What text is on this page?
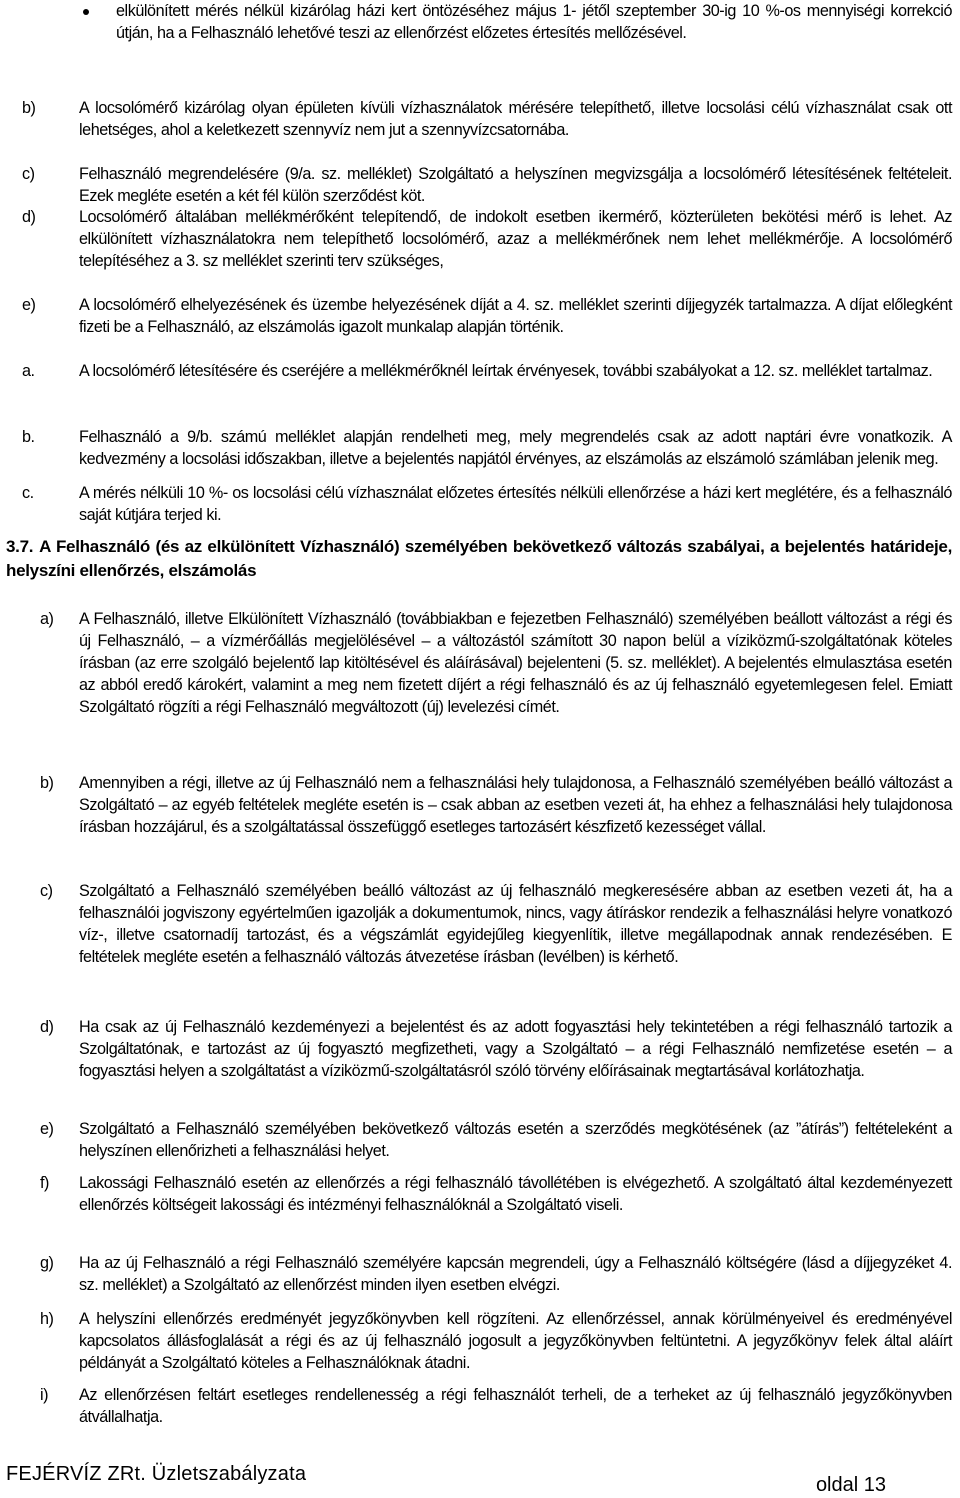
elkülönített mérés nélkül kizárólag házi kert öntözéséhez május 1- jétől szeptember 30-ig 10 %-os mennyiségi korrekció útján, ha a Felhasználó lehetővé teszi az ellenőrzést előzetes értesítés mellőzésével.
b)	A locsolómérő kizárólag olyan épületen kívüli vízhasználatok mérésére telepíthető, illetve locsolási célú vízhasználat csak ott lehetséges, ahol a keletkezett szennyvíz nem jut a szennyvízcsatornába.
c)	Felhasználó megrendelésére (9/a. sz. melléklet) Szolgáltató a helyszínen megvizsgálja a locsolómérő létesítésének feltételeit. Ezek megléte esetén a két fél külön szerződést köt.
d)	Locsolómérő általában mellékmérőként telepítendő, de indokolt esetben ikermérő, közterületen bekötési mérő is lehet. Az elkülönített vízhasználatokra nem telepíthető locsolómérő, azaz a mellékmérőnek nem lehet mellékmérője. A locsolómérő telepítéséhez a 3. sz melléklet szerinti terv szükséges,
e)	A locsolómérő elhelyezésének és üzembe helyezésének díját a 4. sz. melléklet szerinti díjjegyzék tartalmazza. A díjat előlegként fizeti be a Felhasználó, az elszámolás igazolt munkalap alapján történik.
a.	A locsolómérő létesítésére és cseréjére a mellékmérőknél leírtak érvényesek, további szabályokat a 12. sz. melléklet tartalmaz.
b.	Felhasználó a 9/b. számú melléklet alapján rendelheti meg, mely megrendelés csak az adott naptári évre vonatkozik. A kedvezmény a locsolási időszakban, illetve a bejelentés napjától érvényes, az elszámolás az elszámoló számlában jelenik meg.
c.	A mérés nélküli 10 %- os locsolási célú vízhasználat előzetes értesítés nélküli ellenőrzése a házi kert meglétére, és a felhasználó saját kútjára terjed ki.
3.7. A Felhasználó (és az elkülönített Vízhasználó) személyében bekövetkező változás szabályai, a bejelentés határideje, helyszíni ellenőrzés, elszámolás
a) A Felhasználó, illetve Elkülönített Vízhasználó (továbbiakban e fejezetben Felhasználó) személyében beállott változást a régi és új Felhasználó, – a vízmérőállás megjelölésével – a változástól számított 30 napon belül a víziközmű-szolgáltatónak köteles írásban (az erre szolgáló bejelentő lap kitöltésével és aláírásával) bejelenteni (5. sz. melléklet). A bejelentés elmulasztása esetén az abból eredő károkért, valamint a meg nem fizetett díjért a régi felhasználó és az új felhasználó egyetemlegesen felel. Emiatt Szolgáltató rögzíti a régi Felhasználó megváltozott (új) levelezési címét.
b) Amennyiben a régi, illetve az új Felhasználó nem a felhasználási hely tulajdonosa, a Felhasználó személyében beálló változást a Szolgáltató – az egyéb feltételek megléte esetén is – csak abban az esetben vezeti át, ha ehhez a felhasználási hely tulajdonosa írásban hozzájárul, és a szolgáltatással összefüggő esetleges tartozásért készfizető kezességet vállal.
c) Szolgáltató a Felhasználó személyében beálló változást az új felhasználó megkeresésére abban az esetben vezeti át, ha a felhasználói jogviszony egyértelműen igazolják a dokumentumok, nincs, vagy átíráskor rendezik a felhasználási helyre vonatkozó víz-, illetve csatornadíj tartozást, és a végszámlát egyidejűleg kiegyenlítik, illetve megállapodnak annak rendezésében. E feltételek megléte esetén a felhasználó változás átvezetése írásban (levélben) is kérhető.
d) Ha csak az új Felhasználó kezdeményezi a bejelentést és az adott fogyasztási hely tekintetében a régi felhasználó tartozik a Szolgáltatónak, e tartozást az új fogyasztó megfizetheti, vagy a Szolgáltató – a régi Felhasználó nemfizetése esetén – a fogyasztási helyen a szolgáltatást a víziközmű-szolgáltatásról szóló törvény előírásainak megtartásával korlátozhatja.
e) Szolgáltató a Felhasználó személyében bekövetkező változás esetén a szerződés megkötésének (az ”átírás”) feltételeként a helyszínen ellenőrizheti a felhasználási helyet.
f) Lakossági Felhasználó esetén az ellenőrzés a régi felhasználó távollétében is elvégezhető. A szolgáltató által kezdeményezett ellenőrzés költségeit lakossági és intézményi felhasználóknál a Szolgáltató viseli.
g) Ha az új Felhasználó a régi Felhasználó személyére kapcsán megrendeli, úgy a Felhasználó költségére (lásd a díjjegyzéket 4. sz. melléklet) a Szolgáltató az ellenőrzést minden ilyen esetben elvégzi.
h) A helyszíni ellenőrzés eredményét jegyzőkönyvben kell rögzíteni. Az ellenőrzéssel, annak körülményeivel és eredményével kapcsolatos állásfoglalását a régi és az új felhasználó jogosult a jegyzőkönyvben feltüntetni. A jegyzőkönyv felek által aláírt példányát a Szolgáltató köteles a Felhasználóknak átadni.
i) Az ellenőrzésen feltárt esetleges rendellenesség a régi felhasználót terheli, de a terheket az új felhasználó jegyzőkönyvben átvállalhatja.
FEJÉRVÍZ ZRt. Üzletszabályzata	oldal 13
